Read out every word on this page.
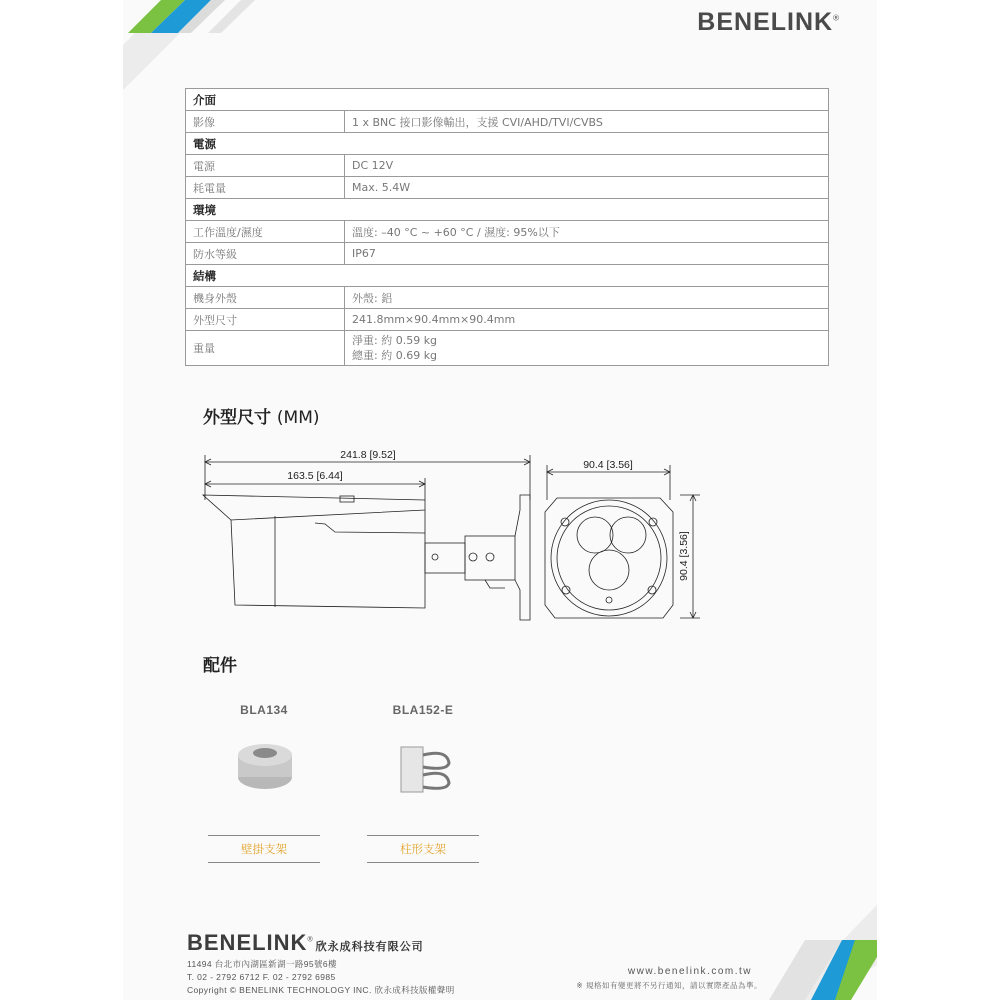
BENELINK®
介面	
影像	1 x BNC 接口影像輸出，支援 CVI/AHD/TVI/CVBS
電源	
電源	DC 12V
耗電量	Max. 5.4W
環境	
工作溫度/濕度	溫度: –40 °C ~ +60 °C / 濕度: 95%以下
防水等級	IP67
結構	
機身外殼	外殼: 鋁
外型尺寸	241.8mm×90.4mm×90.4mm
重量	淨重: 約 0.59 kg
總重: 約 0.69 kg
外型尺寸 (MM)
241.8 [9.52]
163.5 [6.44]
90.4 [3.56]
90.4 [3.56]
配件
BLA134
壁掛支架
BLA152-E
柱形支架
BENELINK®欣永成科技有限公司
11494 台北市內湖區新湖一路95號6樓
T. 02 - 2792 6712 F. 02 - 2792 6985
Copyright © BENELINK TECHNOLOGY INC. 欣永成科技版權聲明
www.benelink.com.tw
※ 規格如有變更將不另行通知，請以實際產品為準。
